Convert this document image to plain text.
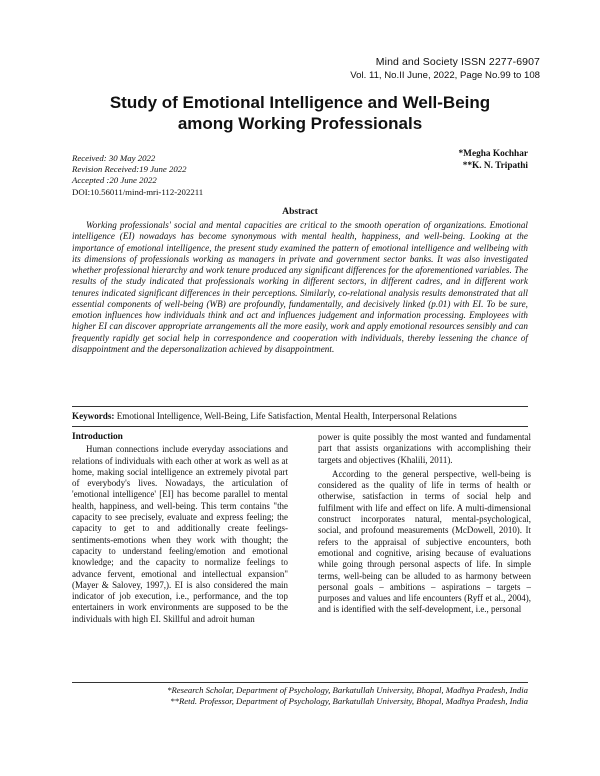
Mind and Society ISSN 2277-6907
Vol. 11, No.II June, 2022, Page No.99 to 108
Study of Emotional Intelligence and Well-Being
among Working Professionals
Received: 30 May 2022
Revision Received:19 June 2022
Accepted :20 June 2022
DOI:10.56011/mind-mri-112-202211
*Megha Kochhar
**K. N. Tripathi
Abstract
Working professionals' social and mental capacities are critical to the smooth operation of organizations. Emotional intelligence (EI) nowadays has become synonymous with mental health, happiness, and well-being. Looking at the importance of emotional intelligence, the present study examined the pattern of emotional intelligence and wellbeing with its dimensions of professionals working as managers in private and government sector banks. It was also investigated whether professional hierarchy and work tenure produced any significant differences for the aforementioned variables. The results of the study indicated that professionals working in different sectors, in different cadres, and in different work tenures indicated significant differences in their perceptions. Similarly, co-relational analysis results demonstrated that all essential components of well-being (WB) are profoundly, fundamentally, and decisively linked (p.01) with EI. To be sure, emotion influences how individuals think and act and influences judgement and information processing. Employees with higher EI can discover appropriate arrangements all the more easily, work and apply emotional resources sensibly and can frequently rapidly get social help in correspondence and cooperation with individuals, thereby lessening the chance of disappointment and the depersonalization achieved by disappointment.
Keywords: Emotional Intelligence, Well-Being, Life Satisfaction, Mental Health, Interpersonal Relations
Introduction

Human connections include everyday associations and relations of individuals with each other at work as well as at home, making social intelligence an extremely pivotal part of everybody's lives. Nowadays, the articulation of 'emotional intelligence' [EI] has become parallel to mental health, happiness, and well-being. This term contains "the capacity to see precisely, evaluate and express feeling; the capacity to get to and additionally create feelings-sentiments-emotions when they work with thought; the capacity to understand feeling/emotion and emotional knowledge; and the capacity to normalize feelings to advance fervent, emotional and intellectual expansion" (Mayer & Salovey, 1997,). EI is also considered the main indicator of job execution, i.e., performance, and the top entertainers in work environments are supposed to be the individuals with high EI. Skillful and adroit human

power is quite possibly the most wanted and fundamental part that assists organizations with accomplishing their targets and objectives (Khalili, 2011).

According to the general perspective, well-being is considered as the quality of life in terms of health or otherwise, satisfaction in terms of social help and fulfilment with life and effect on life. A multi-dimensional construct incorporates natural, mental-psychological, social, and profound measurements (McDowell, 2010). It refers to the appraisal of subjective encounters, both emotional and cognitive, arising because of evaluations while going through personal aspects of life. In simple terms, well-being can be alluded to as harmony between personal goals – ambitions – aspirations – targets – purposes and values and life encounters (Ryff et al., 2004), and is identified with the self-development, i.e., personal

*Research Scholar, Department of Psychology, Barkatullah University, Bhopal, Madhya Pradesh, India
**Retd. Professor, Department of Psychology, Barkatullah University, Bhopal, Madhya Pradesh, India
